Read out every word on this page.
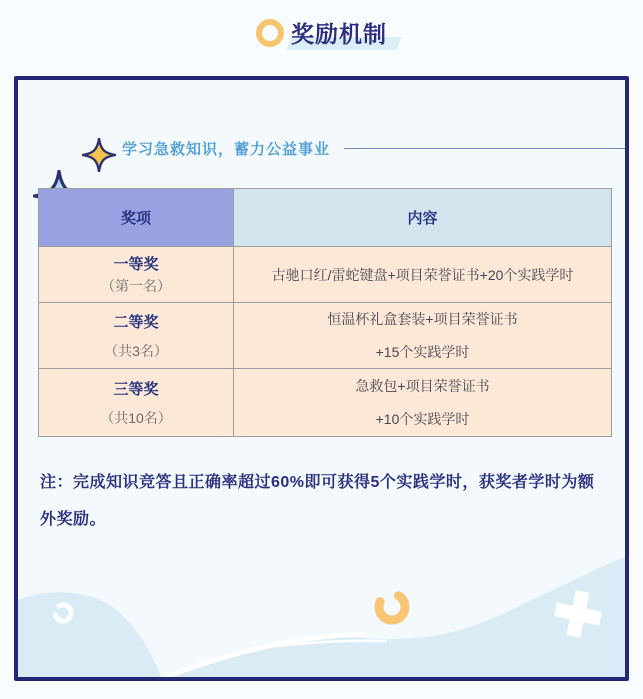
奖励机制
学习急救知识，蓄力公益事业
奖项	内容

一等奖
（第一名）	古驰口红/雷蛇键盘+项目荣誉证书+20个实践学时

二等奖
（共3名）	恒温杯礼盒套装+项目荣誉证书
+15个实践学时

三等奖
（共10名）	急救包+项目荣誉证书
+10个实践学时

注：完成知识竞答且正确率超过60%即可获得5个实践学时，获奖者学时为额外奖励。
